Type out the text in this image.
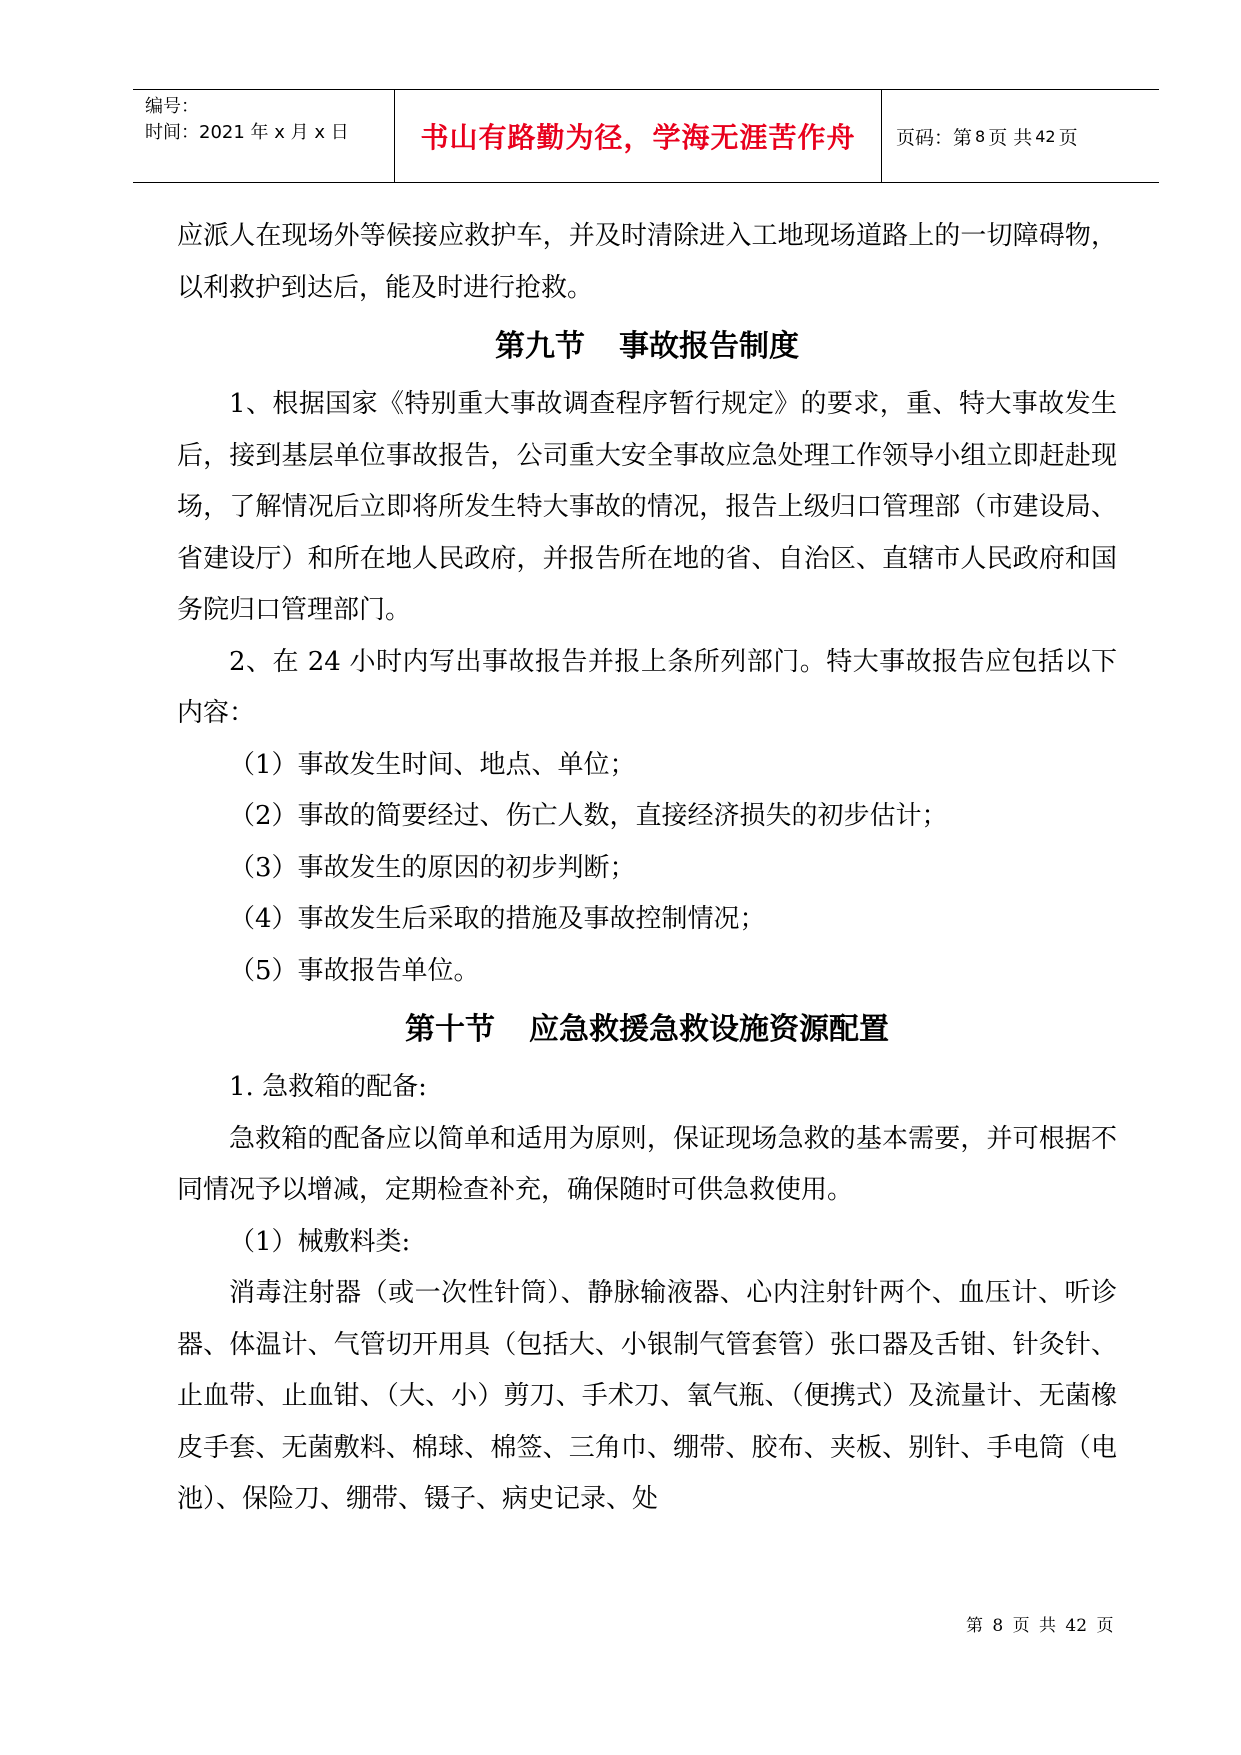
编号：
时间：2021 年 x 月 x 日	书山有路勤为径，学海无涯苦作舟 页码：第 8 页 共 42 页

应派人在现场外等候接应救护车，并及时清除进入工地现场道路上的一切障碍物，以利救护到达后，能及时进行抢救。

第九节 事故报告制度

1、根据国家《特别重大事故调查程序暂行规定》的要求，重、特大事故发生后，接到基层单位事故报告，公司重大安全事故应急处理工作领导小组立即赶赴现场，了解情况后立即将所发生特大事故的情况，报告上级归口管理部（市建设局、省建设厅）和所在地人民政府，并报告所在地的省、自治区、直辖市人民政府和国务院归口管理部门。

2、在 24 小时内写出事故报告并报上条所列部门。特大事故报告应包括以下内容：

（1）事故发生时间、地点、单位；

（2）事故的简要经过、伤亡人数，直接经济损失的初步估计；

（3）事故发生的原因的初步判断；

（4）事故发生后采取的措施及事故控制情况；

（5）事故报告单位。

第十节 应急救援急救设施资源配置

1. 急救箱的配备:

急救箱的配备应以简单和适用为原则，保证现场急救的基本需要，并可根据不同情况予以增减，定期检查补充，确保随时可供急救使用。

（1）械敷料类:

消毒注射器（或一次性针筒）、静脉输液器、心内注射针两个、血压计、听诊器、体温计、气管切开用具（包括大、小银制气管套管）张口器及舌钳、针灸针、止血带、止血钳、（大、小）剪刀、手术刀、氧气瓶、（便携式）及流量计、无菌橡皮手套、无菌敷料、棉球、棉签、三角巾、绷带、胶布、夹板、别针、手电筒（电池）、保险刀、绷带、镊子、病史记录、处

第 8 页 共 42 页
